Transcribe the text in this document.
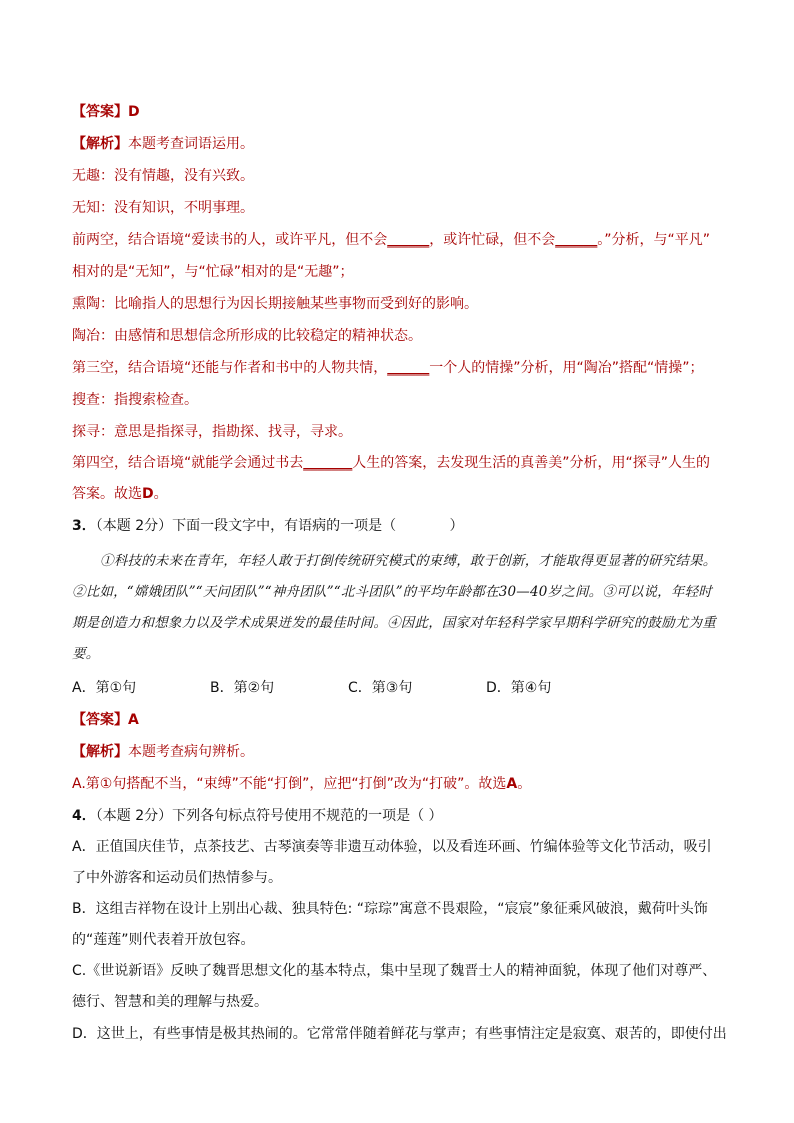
【答案】D
【解析】本题考查词语运用。
无趣：没有情趣，没有兴致。
无知：没有知识，不明事理。
前两空，结合语境“爱读书的人，或许平凡，但不会______，或许忙碌，但不会______。”分析，与“平凡”
相对的是“无知”，与“忙碌”相对的是“无趣”；
熏陶：比喻指人的思想行为因长期接触某些事物而受到好的影响。
陶冶：由感情和思想信念所形成的比较稳定的精神状态。
第三空，结合语境“还能与作者和书中的人物共情，______一个人的情操”分析，用“陶冶”搭配“情操”；
搜查：指搜索检查。
探寻：意思是指探寻，指勘探、找寻，寻求。

第四空，结合语境“就能学会通过书去_______人生的答案，去发现生活的真善美”分析，用“探寻”人生的答案。故选D。

3．（本题 2分）下面一段文字中，有语病的一项是（	）

①科技的未来在青年，年轻人敢于打倒传统研究模式的束缚，敢于创新，才能取得更显著的研究结果。②比如，“嫦娥团队”“天问团队”“神舟团队”“北斗团队”的平均年龄都在30—40岁之间。③可以说，年轻时期是创造力和想象力以及学术成果迸发的最佳时间。④因此，国家对年轻科学家早期科学研究的鼓励尤为重要。

A．第①句	B．第②句	C．第③句	D．第④句
【答案】A
【解析】本题考查病句辨析。
A.第①句搭配不当，“束缚”不能“打倒”，应把“打倒”改为“打破”。故选A。
4．（本题 2分）下列各句标点符号使用不规范的一项是（ ）

A．正值国庆佳节，点茶技艺、古琴演奏等非遗互动体验，以及看连环画、竹编体验等文化节活动，吸引了中外游客和运动员们热情参与。

B．这组吉祥物在设计上别出心裁、独具特色: “琮琮”寓意不畏艰险，“宸宸”象征乘风破浪，戴荷叶头饰的“莲莲”则代表着开放包容。

C.《世说新语》反映了魏晋思想文化的基本特点，集中呈现了魏晋士人的精神面貌，体现了他们对尊严、德行、智慧和美的理解与热爱。

D．这世上，有些事情是极其热闹的。它常常伴随着鲜花与掌声；有些事情注定是寂寞、艰苦的，即使付出
